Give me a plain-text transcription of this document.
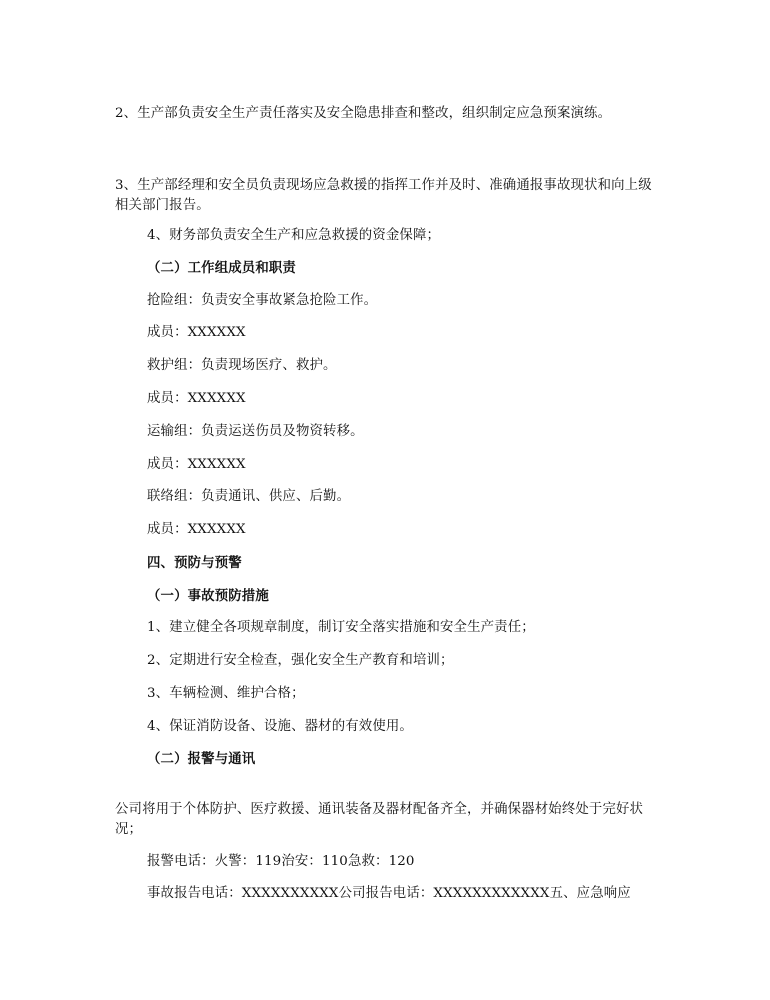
2、生产部负责安全生产责任落实及安全隐患排查和整改，组织制定应急预案演练。

3、生产部经理和安全员负责现场应急救援的指挥工作并及时、准确通报事故现状和向上级相关部门报告。

4、财务部负责安全生产和应急救援的资金保障；

（二）工作组成员和职责

抢险组：负责安全事故紧急抢险工作。

成员：XXXXXX

救护组：负责现场医疗、救护。

成员：XXXXXX

运输组：负责运送伤员及物资转移。

成员：XXXXXX

联络组：负责通讯、供应、后勤。

成员：XXXXXX

四、预防与预警

（一）事故预防措施

1、建立健全各项规章制度，制订安全落实措施和安全生产责任；

2、定期进行安全检查，强化安全生产教育和培训；

3、车辆检测、维护合格；

4、保证消防设备、设施、器材的有效使用。

（二）报警与通讯

公司将用于个体防护、医疗救援、通讯装备及器材配备齐全，并确保器材始终处于完好状况；

报警电话：火警：119治安：110急救：120

事故报告电话：XXXXXXXXXX公司报告电话：XXXXXXXXXXXX五、应急响应
